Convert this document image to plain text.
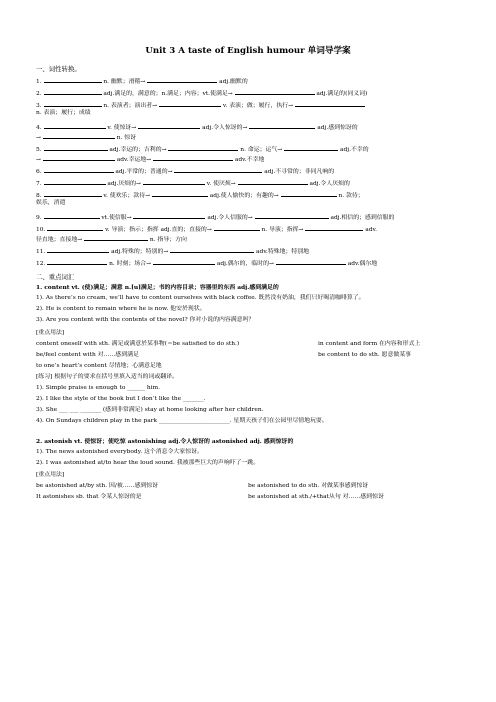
Unit 3 A taste of English humour 单词导学案
一、词性转换。
1.	n. 幽默；滑稽→	adj.幽默的
2.	adj.满足的，满意的；n.满足；内容；vt.使满足→	adj.满足的(同义词)
3.	n. 表演者；演出者→	v. 表演；做；履行，执行→
n. 表演；履行；成绩
4.	v. 使惊讶→	adj.令人惊讶的→	adj.感到惊讶的
→	n. 惊讶
5.	adj.幸运的；吉利的→	n. 命运；运气→	adj.不幸的
→	adv.幸运地→	adv.不幸地
6.	adj.平常的；普通的→	adj.不寻常的；非同凡响的
7.	adj.厌烦的→	v. 使厌烦→	adj.令人厌烦的
8.	v. 使欢乐；款待→	adj.使人愉快的；有趣的→	n. 款待；
娱乐，消遣
9.	vt.使信服→	adj.令人信服的→	adj.相信的；感到信服的
10.	v. 导演；指示；指挥 adj.直的；直接的→	n. 导演；指挥→	adv.
径直地；直接地→	n. 指导；方向
11.	adj.特殊的；特别的→	adv.特殊地；特别地
12.	n. 时刻；场合→	adj.偶尔的，临时的→	adv.偶尔地
二、重点词汇
1. content vt. (使)满足；满意 n.[u]满足；书的内容目录；容器里的东西 adj.感到满足的
1). As there’s no cream, we’ll have to content ourselves with black coffee. 既然没有奶油，我们只好喝清咖啡算了。
2). He is content to remain where he is now. 他安於现状。
3). Are you content with the contents of the novel? 你对小说的内容满意吗？
[重点用法]
content oneself with sth. 满足或满意於某事物(＝be satisfied to do sth.)	in content and form 在内容和形式上
be/feel content with 对……感到满足	be content to do sth. 愿意做某事
to one’s heart’s content 尽情地；心满意足地
[练习] 根据句子的要求在括号里填入适当的词或翻译。
1). Simple praise is enough to ______ him.
2). I like the style of the book but I don’t like the _______.
3). She ___ ___ _______ (感到非常满足) stay at home looking after her children.
4). On Sundays children play in the park ________________________. 星期天孩子们在公园里尽情地玩耍。
2. astonish vt. 使惊讶；使吃惊 astonishing adj.令人惊讶的 astonished adj. 感到惊讶的
1). The news astonished everybody. 这个消息令大家惊讶。
2). I was astonished at/to hear the loud sound. 我被那些巨大的声响吓了一跳。
[重点用法]
be astonished at/by sth. 因/被……感到惊讶	be astonished to do sth. 对做某事感到惊讶
It astonishes sb. that 令某人惊讶的是	be astonished at sth./+that从句 对……感到惊讶
